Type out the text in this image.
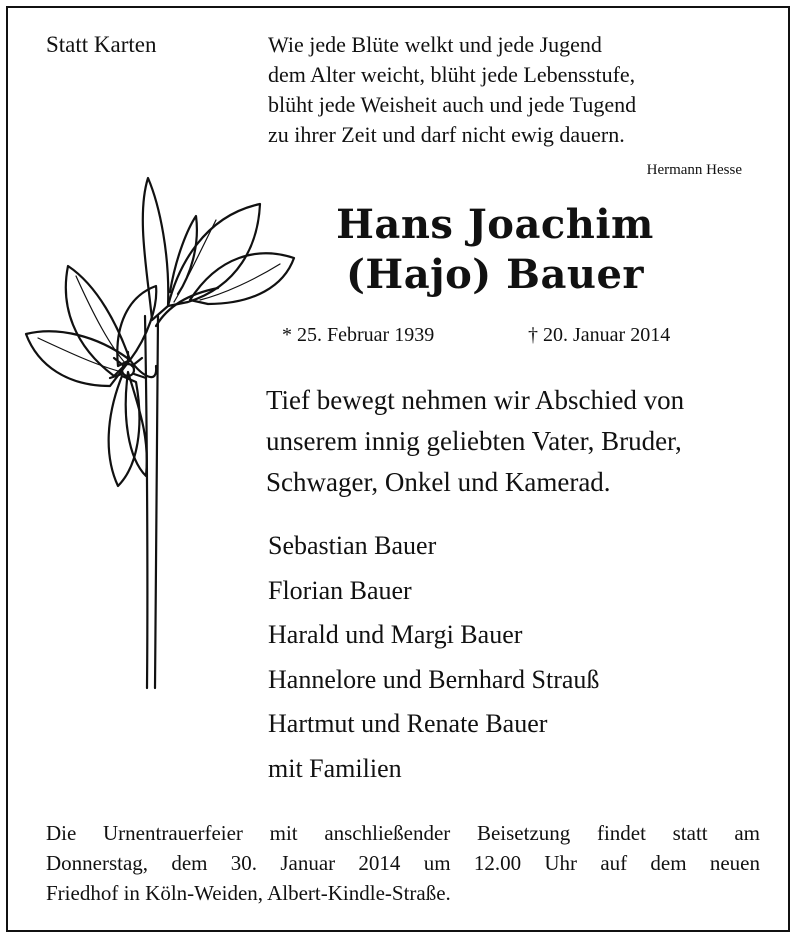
Statt Karten	Wie jede Blüte welkt und jede Jugend
dem Alter weicht, blüht jede Lebensstufe,
blüht jede Weisheit auch und jede Tugend
zu ihrer Zeit und darf nicht ewig dauern.
Hermann Hesse
Hans Joachim
(Hajo) Bauer
* 25. Februar 1939	† 20. Januar 2014
Tief bewegt nehmen wir Abschied von
unserem innig geliebten Vater, Bruder,
Schwager, Onkel und Kamerad.
Sebastian Bauer
Florian Bauer
Harald und Margi Bauer
Hannelore und Bernhard Strauß
Hartmut und Renate Bauer
mit Familien
Die Urnentrauerfeier mit anschließender Beisetzung findet statt am
Donnerstag, dem 30. Januar 2014 um 12.00 Uhr auf dem neuen
Friedhof in Köln-Weiden, Albert-Kindle-Straße.
